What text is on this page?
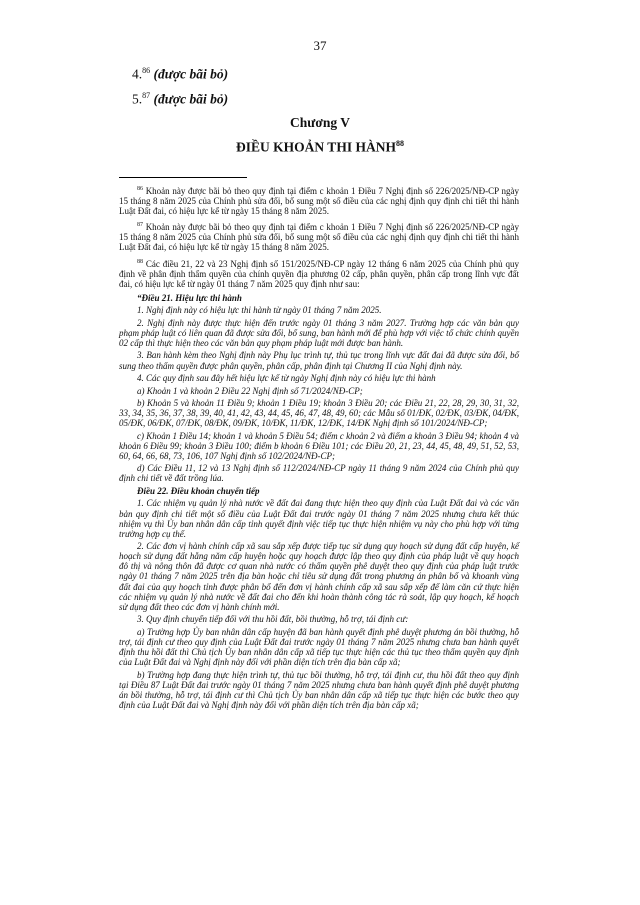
37
4.86 (được bãi bỏ)
5.87 (được bãi bỏ)
Chương V
ĐIỀU KHOẢN THI HÀNH$^{88}$

$^{86}$ Khoản này được bãi bỏ theo quy định tại điểm c khoản 1 Điều 7 Nghị định số 226/2025/NĐ-CP ngày 15 tháng 8 năm 2025 của Chính phủ sửa đổi, bổ sung một số điều của các nghị định quy định chi tiết thi hành Luật Đất đai, có hiệu lực kể từ ngày 15 tháng 8 năm 2025.

$^{87}$ Khoản này được bãi bỏ theo quy định tại điểm c khoản 1 Điều 7 Nghị định số 226/2025/NĐ-CP ngày 15 tháng 8 năm 2025 của Chính phủ sửa đổi, bổ sung một số điều của các nghị định quy định chi tiết thi hành Luật Đất đai, có hiệu lực kể từ ngày 15 tháng 8 năm 2025.

$^{88}$ Các điều 21, 22 và 23 Nghị định số 151/2025/NĐ-CP ngày 12 tháng 6 năm 2025 của Chính phủ quy định về phân định thẩm quyền của chính quyền địa phương 02 cấp, phân quyền, phân cấp trong lĩnh vực đất đai, có hiệu lực kể từ ngày 01 tháng 7 năm 2025 quy định như sau:

“Điều 21. Hiệu lực thi hành

1. Nghị định này có hiệu lực thi hành từ ngày 01 tháng 7 năm 2025.

2. Nghị định này được thực hiện đến trước ngày 01 tháng 3 năm 2027. Trường hợp các văn bản quy phạm pháp luật có liên quan đã được sửa đổi, bổ sung, ban hành mới để phù hợp với việc tổ chức chính quyền 02 cấp thì thực hiện theo các văn bản quy phạm pháp luật mới được ban hành.

3. Ban hành kèm theo Nghị định này Phụ lục trình tự, thủ tục trong lĩnh vực đất đai đã được sửa đổi, bổ sung theo thẩm quyền được phân quyền, phân cấp, phân định tại Chương II của Nghị định này.

4. Các quy định sau đây hết hiệu lực kể từ ngày Nghị định này có hiệu lực thi hành

a) Khoản 1 và khoản 2 Điều 22 Nghị định số 71/2024/NĐ-CP;

b) Khoản 5 và khoản 11 Điều 9; khoản 1 Điều 19; khoản 3 Điều 20; các Điều 21, 22, 28, 29, 30, 31, 32, 33, 34, 35, 36, 37, 38, 39, 40, 41, 42, 43, 44, 45, 46, 47, 48, 49, 60; các Mẫu số 01/ĐK, 02/ĐK, 03/ĐK, 04/ĐK, 05/ĐK, 06/ĐK, 07/ĐK, 08/ĐK, 09/ĐK, 10/ĐK, 11/ĐK, 12/ĐK, 14/ĐK Nghị định số 101/2024/NĐ-CP;

c) Khoản 1 Điều 14; khoản 1 và khoản 5 Điều 54; điểm c khoản 2 và điểm a khoản 3 Điều 94; khoản 4 và khoản 6 Điều 99; khoản 3 Điều 100; điểm b khoản 6 Điều 101; các Điều 20, 21, 23, 44, 45, 48, 49, 51, 52, 53, 60, 64, 66, 68, 73, 106, 107 Nghị định số 102/2024/NĐ-CP;

d) Các Điều 11, 12 và 13 Nghị định số 112/2024/NĐ-CP ngày 11 tháng 9 năm 2024 của Chính phủ quy định chi tiết về đất trồng lúa.

Điều 22. Điều khoản chuyển tiếp

1. Các nhiệm vụ quản lý nhà nước về đất đai đang thực hiện theo quy định của Luật Đất đai và các văn bản quy định chi tiết một số điều của Luật Đất đai trước ngày 01 tháng 7 năm 2025 nhưng chưa kết thúc nhiệm vụ thì Ủy ban nhân dân cấp tỉnh quyết định việc tiếp tục thực hiện nhiệm vụ này cho phù hợp với từng trường hợp cụ thể.

2. Các đơn vị hành chính cấp xã sau sắp xếp được tiếp tục sử dụng quy hoạch sử dụng đất cấp huyện, kế hoạch sử dụng đất hằng năm cấp huyện hoặc quy hoạch được lập theo quy định của pháp luật về quy hoạch đô thị và nông thôn đã được cơ quan nhà nước có thẩm quyền phê duyệt theo quy định của pháp luật trước ngày 01 tháng 7 năm 2025 trên địa bàn hoặc chỉ tiêu sử dụng đất trong phương án phân bổ và khoanh vùng đất đai của quy hoạch tỉnh được phân bổ đến đơn vị hành chính cấp xã sau sắp xếp để làm căn cứ thực hiện các nhiệm vụ quản lý nhà nước về đất đai cho đến khi hoàn thành công tác rà soát, lập quy hoạch, kế hoạch sử dụng đất theo các đơn vị hành chính mới.

3. Quy định chuyển tiếp đối với thu hồi đất, bồi thường, hỗ trợ, tái định cư:

a) Trường hợp Ủy ban nhân dân cấp huyện đã ban hành quyết định phê duyệt phương án bồi thường, hỗ trợ, tái định cư theo quy định của Luật Đất đai trước ngày 01 tháng 7 năm 2025 nhưng chưa ban hành quyết định thu hồi đất thì Chủ tịch Ủy ban nhân dân cấp xã tiếp tục thực hiện các thủ tục theo thẩm quyền quy định của Luật Đất đai và Nghị định này đối với phần diện tích trên địa bàn cấp xã;

b) Trường hợp đang thực hiện trình tự, thủ tục bồi thường, hỗ trợ, tái định cư, thu hồi đất theo quy định tại Điều 87 Luật Đất đai trước ngày 01 tháng 7 năm 2025 nhưng chưa ban hành quyết định phê duyệt phương án bồi thường, hỗ trợ, tái định cư thì Chủ tịch Ủy ban nhân dân cấp xã tiếp tục thực hiện các bước theo quy định của Luật Đất đai và Nghị định này đối với phần diện tích trên địa bàn cấp xã;
